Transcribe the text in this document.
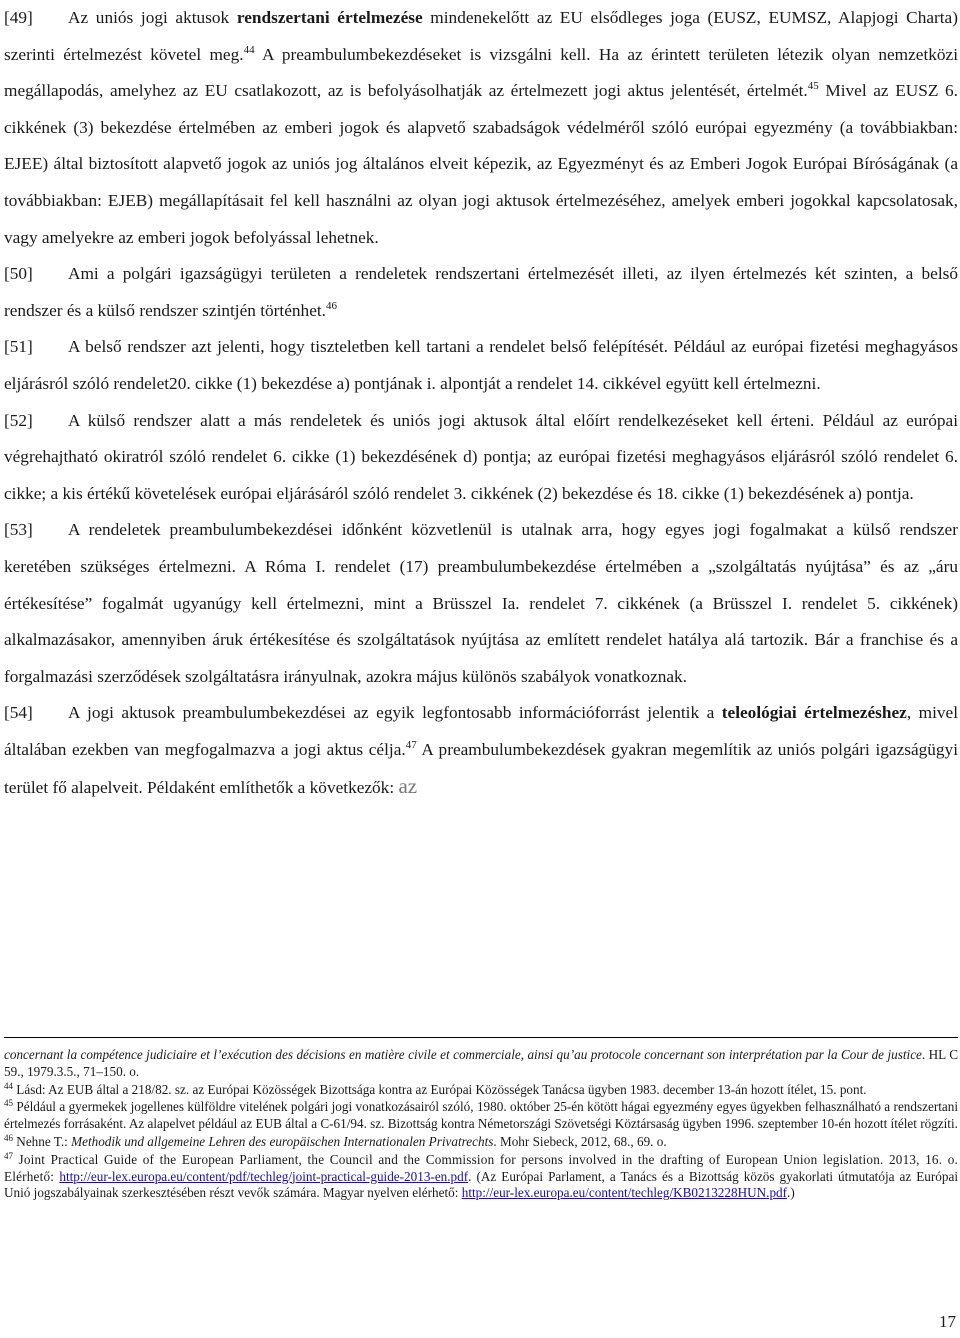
[49] Az uniós jogi aktusok rendszertani értelmezése mindenekelőtt az EU elsődleges joga (EUSZ, EUMSZ, Alapjogi Charta) szerinti értelmezést követel meg.$^{44}$ A preambulumbekezdéseket is vizsgálni kell. Ha az érintett területen létezik olyan nemzetközi megállapodás, amelyhez az EU csatlakozott, az is befolyásolhatják az értelmezett jogi aktus jelentését, értelmét.$^{45}$ Mivel az EUSZ 6. cikkének (3) bekezdése értelmében az emberi jogok és alapvető szabadságok védelméről szóló európai egyezmény (a továbbiakban: EJEE) által biztosított alapvető jogok az uniós jog általános elveit képezik, az Egyezményt és az Emberi Jogok Európai Bíróságának (a továbbiakban: EJEB) megállapításait fel kell használni az olyan jogi aktusok értelmezéséhez, amelyek emberi jogokkal kapcsolatosak, vagy amelyekre az emberi jogok befolyással lehetnek.

[50] Ami a polgári igazságügyi területen a rendeletek rendszertani értelmezését illeti, az ilyen értelmezés két szinten, a belső rendszer és a külső rendszer szintjén történhet.$^{46}$

[51] A belső rendszer azt jelenti, hogy tiszteletben kell tartani a rendelet belső felépítését. Például az európai fizetési meghagyásos eljárásról szóló rendelet20. cikke (1) bekezdése a) pontjának i. alpontját a rendelet 14. cikkével együtt kell értelmezni.

[52] A külső rendszer alatt a más rendeletek és uniós jogi aktusok által előírt rendelkezéseket kell érteni. Például az európai végrehajtható okiratról szóló rendelet 6. cikke (1) bekezdésének d) pontja; az európai fizetési meghagyásos eljárásról szóló rendelet 6. cikke; a kis értékű követelések európai eljárásáról szóló rendelet 3. cikkének (2) bekezdése és 18. cikke (1) bekezdésének a) pontja.

[53] A rendeletek preambulumbekezdései időnként közvetlenül is utalnak arra, hogy egyes jogi fogalmakat a külső rendszer keretében szükséges értelmezni. A Róma I. rendelet (17) preambulumbekezdése értelmében a „szolgáltatás nyújtása” és az „áru értékesítése” fogalmát ugyanúgy kell értelmezni, mint a Brüsszel Ia. rendelet 7. cikkének (a Brüsszel I. rendelet 5. cikkének) alkalmazásakor, amennyiben áruk értékesítése és szolgáltatások nyújtása az említett rendelet hatálya alá tartozik. Bár a franchise és a forgalmazási szerződések szolgáltatásra irányulnak, azokra május különös szabályok vonatkoznak.

[54] A jogi aktusok preambulumbekezdései az egyik legfontosabb információforrást jelentik a teleológiai értelmezéshez, mivel általában ezekben van megfogalmazva a jogi aktus célja.$^{47}$ A preambulumbekezdések gyakran megemlítik az uniós polgári igazságügyi terület fő alapelveit. Példaként említhetők a következők: az

concernant la compétence judiciaire et l’exécution des décisions en matière civile et commerciale, ainsi qu’au protocole concernant son interprétation par la Cour de justice. HL C 59., 1979.3.5., 71–150. o.

$^{44}$ Lásd: Az EUB által a 218/82. sz. az Európai Közösségek Bizottsága kontra az Európai Közösségek Tanácsa ügyben 1983. december 13-án hozott ítélet, 15. pont.

$^{45}$ Például a gyermekek jogellenes külföldre vitelének polgári jogi vonatkozásairól szóló, 1980. október 25-én kötött hágai egyezmény egyes ügyekben felhasználható a rendszertani értelmezés forrásaként. Az alapelvet például az EUB által a C-61/94. sz. Bizottság kontra Németországi Szövetségi Köztársaság ügyben 1996. szeptember 10-én hozott ítélet rögzíti.

$^{46}$ Nehne T.: Methodik und allgemeine Lehren des europäischen Internationalen Privatrechts. Mohr Siebeck, 2012, 68., 69. o.

$^{47}$ Joint Practical Guide of the European Parliament, the Council and the Commission for persons involved in the drafting of European Union legislation. 2013, 16. o. Elérhető: http://eur-lex.europa.eu/content/pdf/techleg/joint-practical-guide-2013-en.pdf. (Az Európai Parlament, a Tanács és a Bizottság közös gyakorlati útmutatója az Európai Unió jogszabályainak szerkesztésében részt vevők számára. Magyar nyelven elérhető: http://eur-lex.europa.eu/content/techleg/KB0213228HUN.pdf.)

17
